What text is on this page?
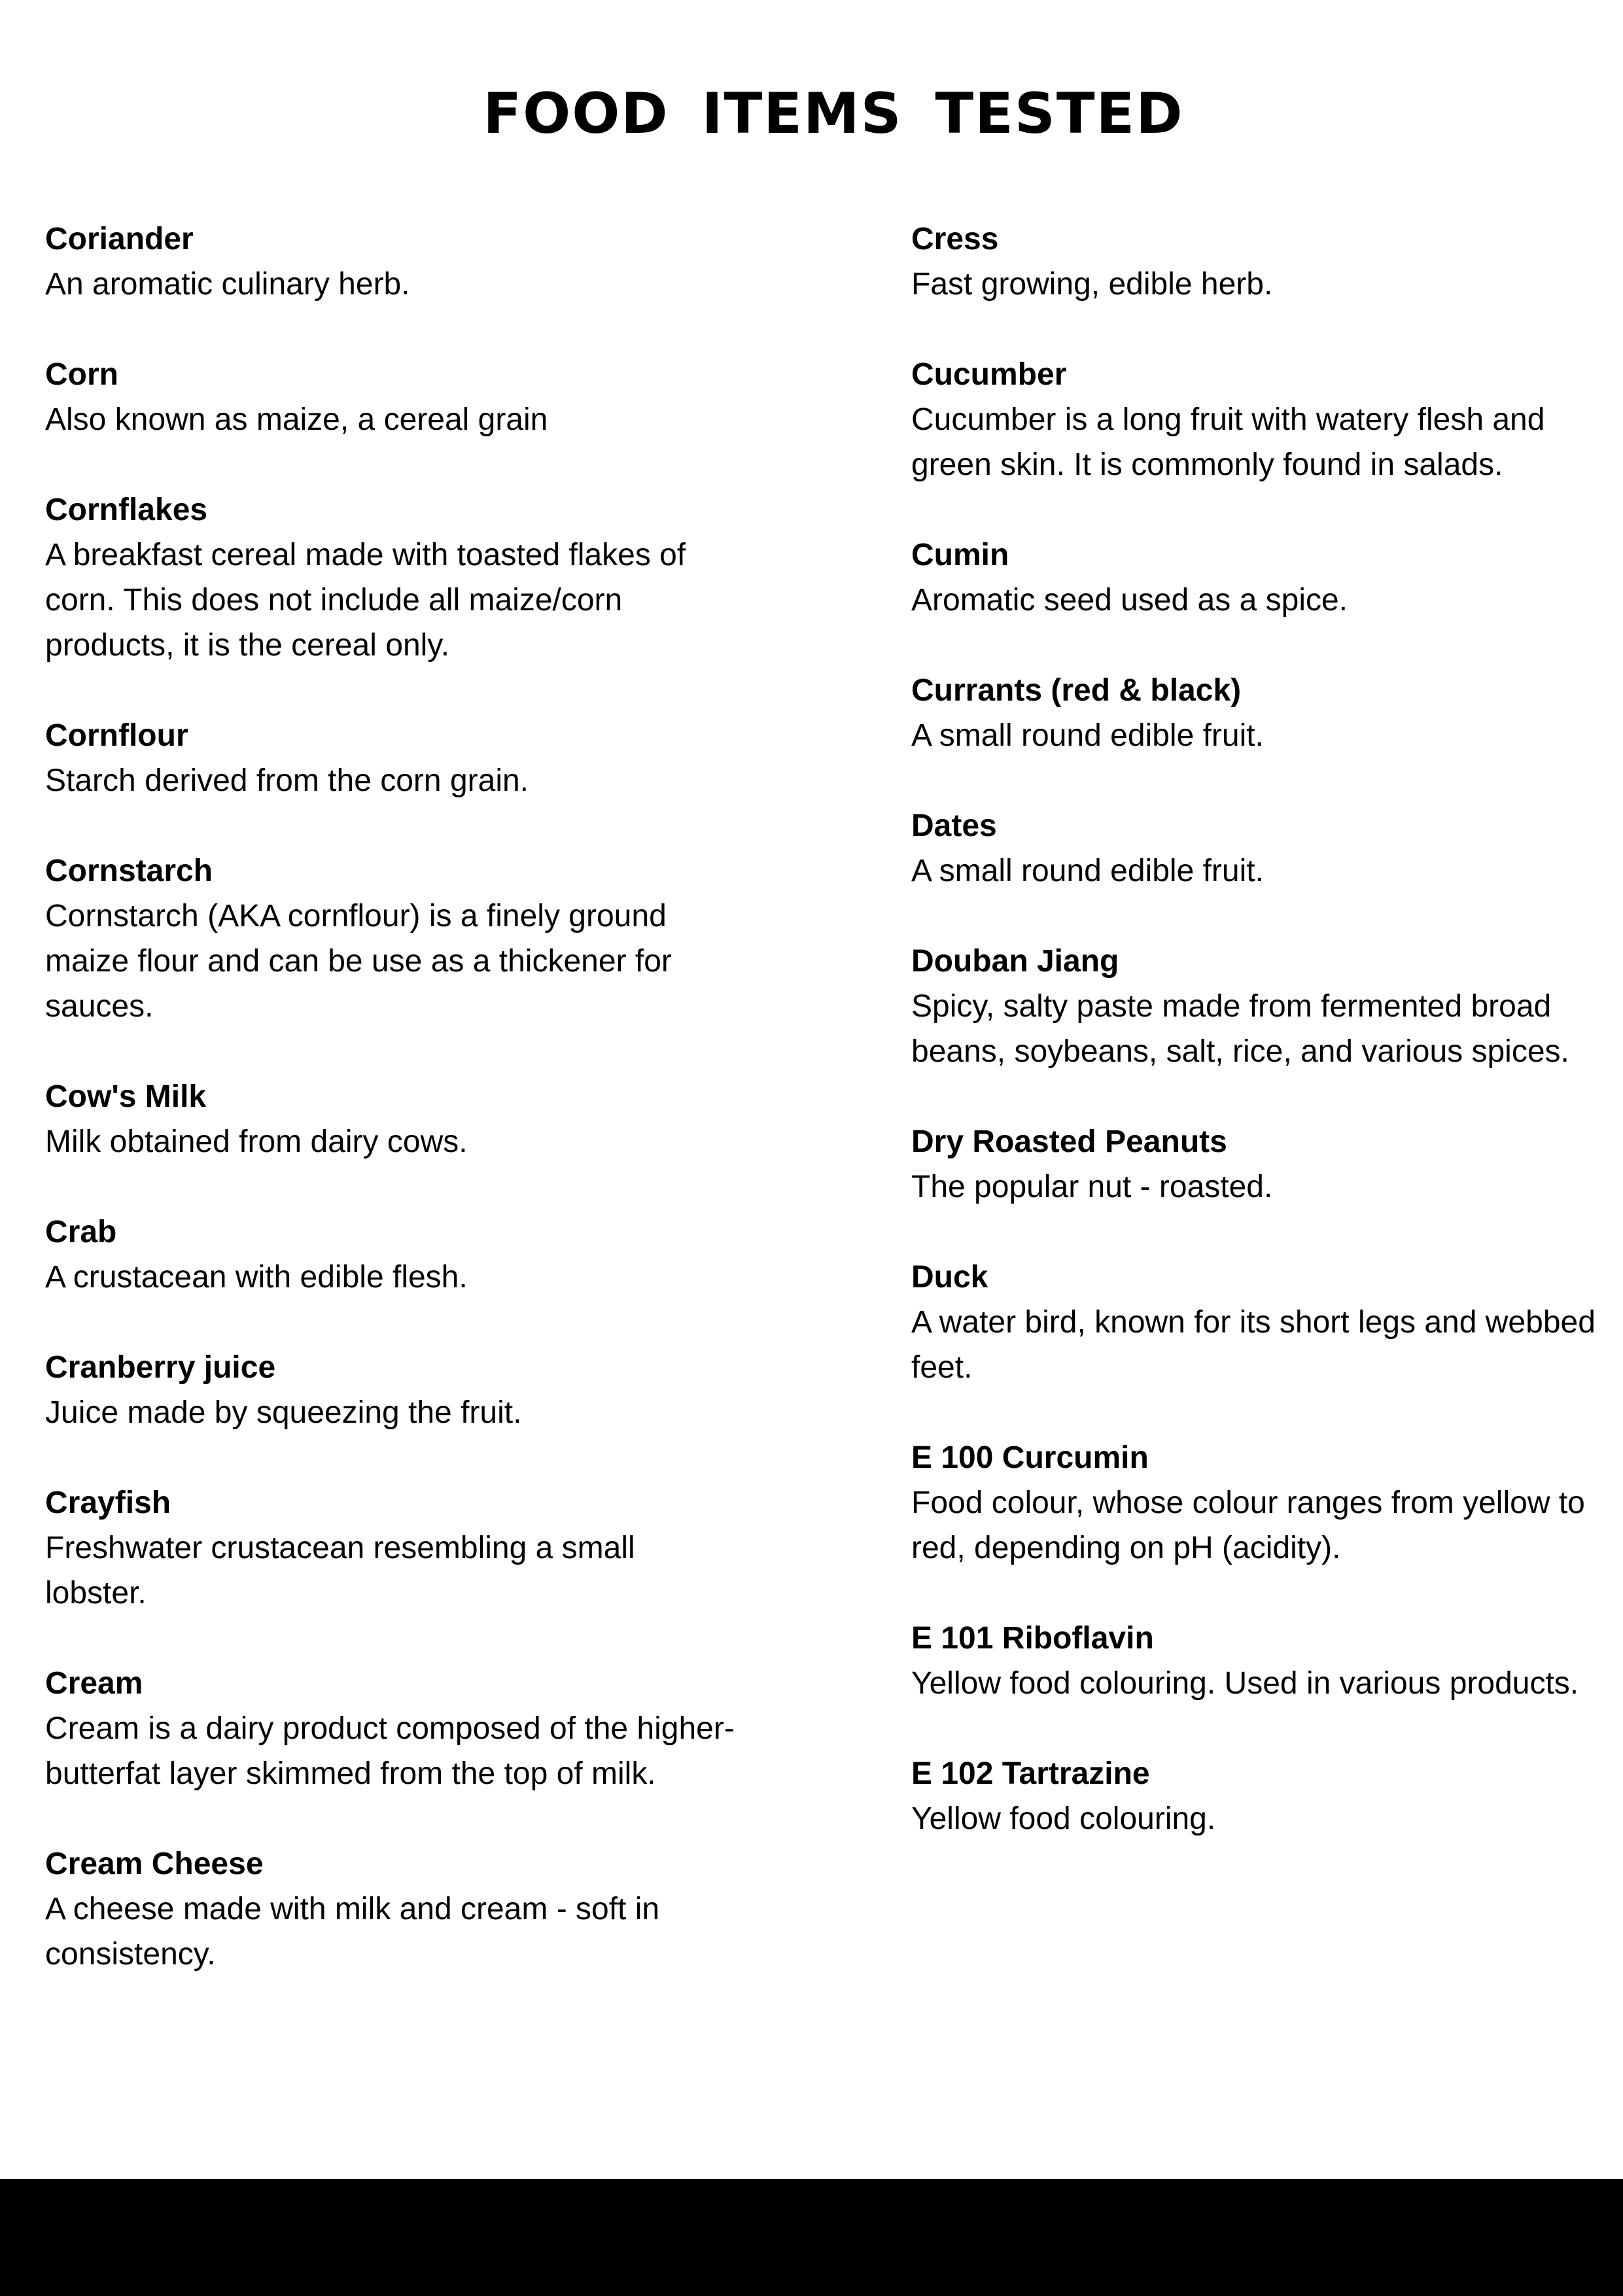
FOOD ITEMS TESTED
Coriander
An aromatic culinary herb.
Corn
Also known as maize, a cereal grain
Cornflakes
A breakfast cereal made with toasted flakes of corn. This does not include all maize/corn products, it is the cereal only.
Cornflour
Starch derived from the corn grain.
Cornstarch
Cornstarch (AKA cornflour) is a finely ground maize flour and can be use as a thickener for sauces.
Cow's Milk
Milk obtained from dairy cows.
Crab
A crustacean with edible flesh.
Cranberry juice
Juice made by squeezing the fruit.
Crayfish
Freshwater crustacean resembling a small lobster.
Cream
Cream is a dairy product composed of the higher-butterfat layer skimmed from the top of milk.
Cream Cheese
A cheese made with milk and cream - soft in consistency.
Cress
Fast growing, edible herb.
Cucumber
Cucumber is a long fruit with watery flesh and green skin. It is commonly found in salads.
Cumin
Aromatic seed used as a spice.
Currants (red & black)
A small round edible fruit.
Dates
A small round edible fruit.
Douban Jiang
Spicy, salty paste made from fermented broad beans, soybeans, salt, rice, and various spices.
Dry Roasted Peanuts
The popular nut - roasted.
Duck
A water bird, known for its short legs and webbed feet.
E 100 Curcumin
Food colour, whose colour ranges from yellow to red, depending on pH (acidity).
E 101 Riboflavin
Yellow food colouring. Used in various products.
E 102 Tartrazine
Yellow food colouring.
